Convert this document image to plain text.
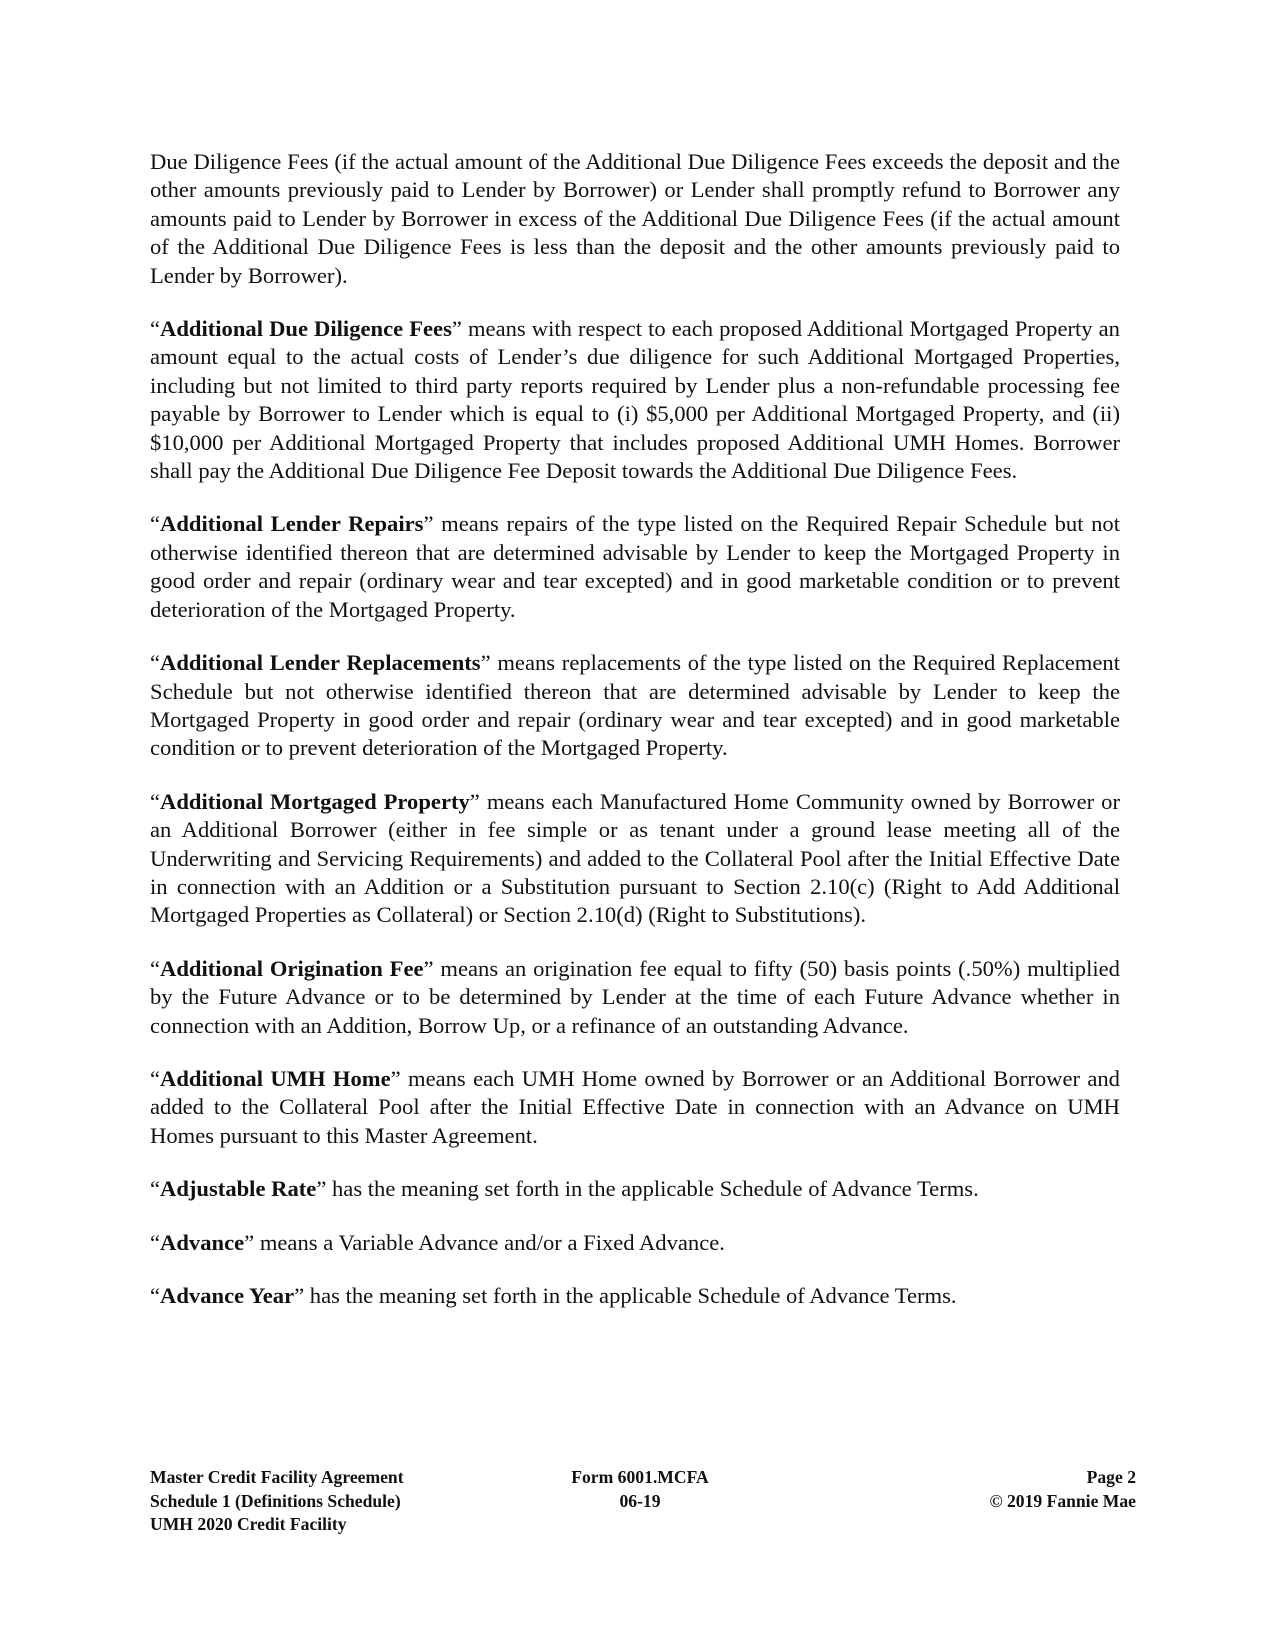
Due Diligence Fees (if the actual amount of the Additional Due Diligence Fees exceeds the deposit and the other amounts previously paid to Lender by Borrower) or Lender shall promptly refund to Borrower any amounts paid to Lender by Borrower in excess of the Additional Due Diligence Fees (if the actual amount of the Additional Due Diligence Fees is less than the deposit and the other amounts previously paid to Lender by Borrower).

“Additional Due Diligence Fees” means with respect to each proposed Additional Mortgaged Property an amount equal to the actual costs of Lender’s due diligence for such Additional Mortgaged Properties, including but not limited to third party reports required by Lender plus a non-refundable processing fee payable by Borrower to Lender which is equal to (i) $5,000 per Additional Mortgaged Property, and (ii) $10,000 per Additional Mortgaged Property that includes proposed Additional UMH Homes. Borrower shall pay the Additional Due Diligence Fee Deposit towards the Additional Due Diligence Fees.

“Additional Lender Repairs” means repairs of the type listed on the Required Repair Schedule but not otherwise identified thereon that are determined advisable by Lender to keep the Mortgaged Property in good order and repair (ordinary wear and tear excepted) and in good marketable condition or to prevent deterioration of the Mortgaged Property.

“Additional Lender Replacements” means replacements of the type listed on the Required Replacement Schedule but not otherwise identified thereon that are determined advisable by Lender to keep the Mortgaged Property in good order and repair (ordinary wear and tear excepted) and in good marketable condition or to prevent deterioration of the Mortgaged Property.

“Additional Mortgaged Property” means each Manufactured Home Community owned by Borrower or an Additional Borrower (either in fee simple or as tenant under a ground lease meeting all of the Underwriting and Servicing Requirements) and added to the Collateral Pool after the Initial Effective Date in connection with an Addition or a Substitution pursuant to Section 2.10(c) (Right to Add Additional Mortgaged Properties as Collateral) or Section 2.10(d) (Right to Substitutions).

“Additional Origination Fee” means an origination fee equal to fifty (50) basis points (.50%) multiplied by the Future Advance or to be determined by Lender at the time of each Future Advance whether in connection with an Addition, Borrow Up, or a refinance of an outstanding Advance.

“Additional UMH Home” means each UMH Home owned by Borrower or an Additional Borrower and added to the Collateral Pool after the Initial Effective Date in connection with an Advance on UMH Homes pursuant to this Master Agreement.

“Adjustable Rate” has the meaning set forth in the applicable Schedule of Advance Terms.

“Advance” means a Variable Advance and/or a Fixed Advance.

“Advance Year” has the meaning set forth in the applicable Schedule of Advance Terms.

Master Credit Facility Agreement
Schedule 1 (Definitions Schedule)
UMH 2020 Credit Facility
Form 6001.MCFA
06-19
Page 2
© 2019 Fannie Mae
